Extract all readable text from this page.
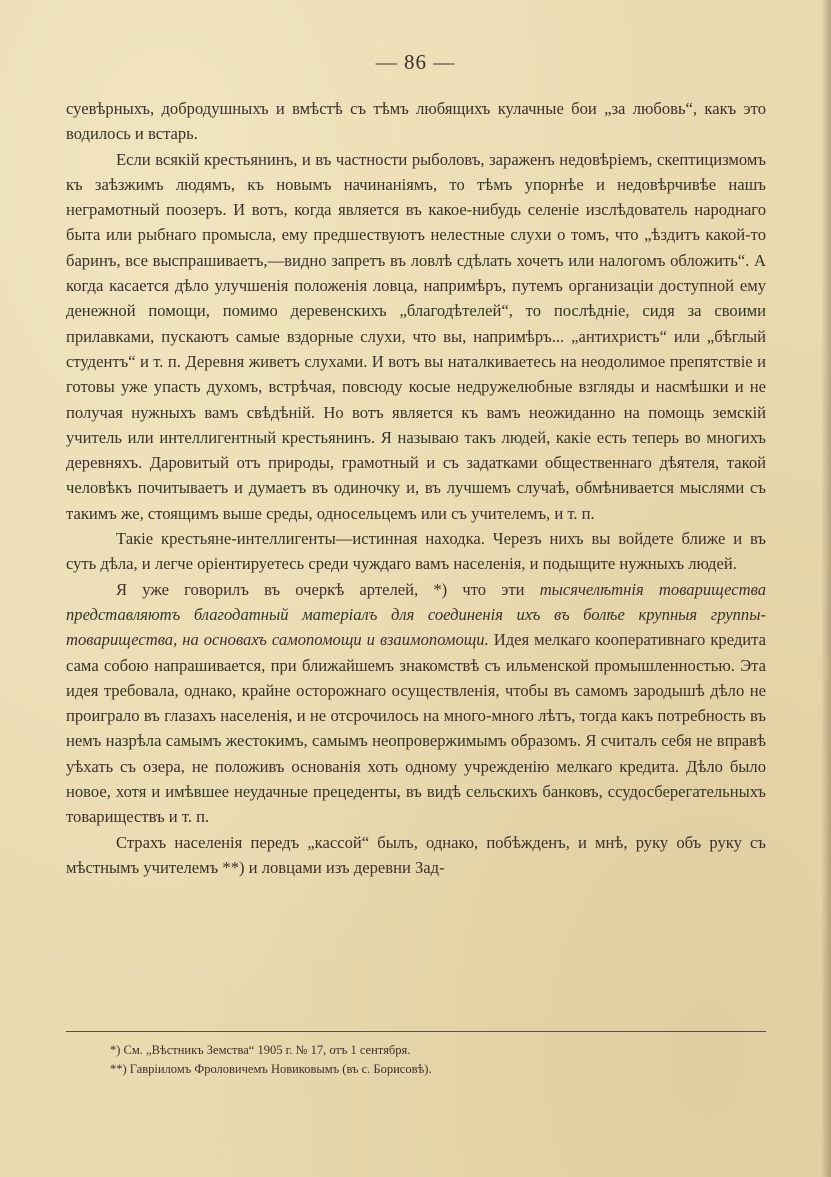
— 86 —

суевѣрныхъ, добродушныхъ и вмѣстѣ съ тѣмъ любящихъ кулачные бои „за любовь“, какъ это водилось и встарь.

Если всякій крестьянинъ, и въ частности рыболовъ, зараженъ недовѣріемъ, скептицизмомъ къ заѣзжимъ людямъ, къ новымъ начинаніямъ, то тѣмъ упорнѣе и недовѣрчивѣе нашъ неграмотный поозеръ. И вотъ, когда является въ какое-нибудь селеніе изслѣдователь народнаго быта или рыбнаго промысла, ему предшествуютъ нелестные слухи о томъ, что „ѣздитъ какой-то баринъ, все выспрашиваетъ,—видно запретъ въ ловлѣ сдѣлать хочетъ или налогомъ обложить“. А когда касается дѣло улучшенія положенія ловца, напримѣръ, путемъ организаціи доступной ему денежной помощи, помимо деревенскихъ „благодѣтелей“, то послѣдніе, сидя за своими прилавками, пускаютъ самые вздорные слухи, что вы, напримѣръ... „антихристъ“ или „бѣглый студентъ“ и т. п. Деревня живетъ слухами. И вотъ вы наталкиваетесь на неодолимое препятствіе и готовы уже упасть духомъ, встрѣчая, повсюду косые недружелюбные взгляды и насмѣшки и не получая нужныхъ вамъ свѣдѣній. Но вотъ является къ вамъ неожиданно на помощь земскій учитель или интеллигентный крестьянинъ. Я называю такъ людей, какіе есть теперь во многихъ деревняхъ. Даровитый отъ природы, грамотный и съ задатками общественнаго дѣятеля, такой человѣкъ почитываетъ и думаетъ въ одиночку и, въ лучшемъ случаѣ, обмѣнивается мыслями съ такимъ же, стоящимъ выше среды, односельцемъ или съ учителемъ, и т. п.

Такіе крестьяне-интеллигенты—истинная находка. Черезъ нихъ вы войдете ближе и въ суть дѣла, и легче оріентируетесь среди чуждаго вамъ населенія, и подыщите нужныхъ людей.

Я уже говорилъ въ очеркѣ артелей, *) что эти тысячелѣтнія товарищества представляютъ благодатный матеріалъ для соединенія ихъ въ болѣе крупныя группы-товарищества, на основахъ самопомощи и взаимопомощи. Идея мелкаго кооперативнаго кредита сама собою напрашивается, при ближайшемъ знакомствѣ съ ильменской промышленностью. Эта идея требовала, однако, крайне осторожнаго осуществленія, чтобы въ самомъ зародышѣ дѣло не проиграло въ глазахъ населенія, и не отсрочилось на много-много лѣтъ, тогда какъ потребность въ немъ назрѣла самымъ жестокимъ, самымъ неопровержимымъ образомъ. Я считалъ себя не вправѣ уѣхать съ озера, не положивъ основанія хоть одному учрежденію мелкаго кредита. Дѣло было новое, хотя и имѣвшее неудачные прецеденты, въ видѣ сельскихъ банковъ, ссудосберегательныхъ товариществъ и т. п.

Страхъ населенія передъ „кассой“ былъ, однако, побѣжденъ, и мнѣ, руку объ руку съ мѣстнымъ учителемъ **) и ловцами изъ деревни Зад-

*) См. „Вѣстникъ Земства“ 1905 г. № 17, отъ 1 сентября.
**) Гавріиломъ Фроловичемъ Новиковымъ (въ с. Борисовѣ).
